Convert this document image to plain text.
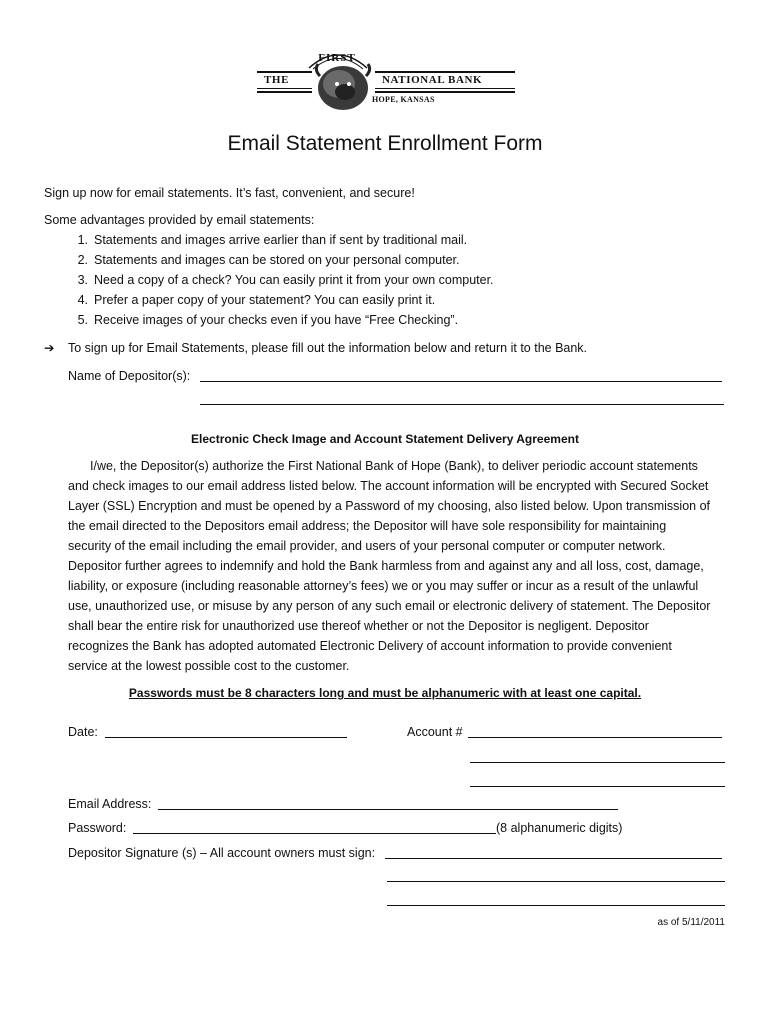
FIRST
THE	NATIONAL BANK
HOPE, KANSAS
Email Statement Enrollment Form
Sign up now for email statements. It’s fast, convenient, and secure!
Some advantages provided by email statements:
1. Statements and images arrive earlier than if sent by traditional mail.
2. Statements and images can be stored on your personal computer.
3. Need a copy of a check? You can easily print it from your own computer.
4. Prefer a paper copy of your statement? You can easily print it.
5. Receive images of your checks even if you have “Free Checking”.
➔ To sign up for Email Statements, please fill out the information below and return it to the Bank.
Name of Depositor(s):
Electronic Check Image and Account Statement Delivery Agreement

I/we, the Depositor(s) authorize the First National Bank of Hope (Bank), to deliver periodic account statements

and check images to our email address listed below. The account information will be encrypted with Secured Socket

Layer (SSL) Encryption and must be opened by a Password of my choosing, also listed below. Upon transmission of

the email directed to the Depositors email address; the Depositor will have sole responsibility for maintaining

security of the email including the email provider, and users of your personal computer or computer network.

Depositor further agrees to indemnify and hold the Bank harmless from and against any and all loss, cost, damage,

liability, or exposure (including reasonable attorney’s fees) we or you may suffer or incur as a result of the unlawful

use, unauthorized use, or misuse by any person of any such email or electronic delivery of statement. The Depositor

shall bear the entire risk for unauthorized use thereof whether or not the Depositor is negligent. Depositor

recognizes the Bank has adopted automated Electronic Delivery of account information to provide convenient

service at the lowest possible cost to the customer.

Passwords must be 8 characters long and must be alphanumeric with at least one capital.
Date:	Account #
Email Address:
Password:	(8 alphanumeric digits)
Depositor Signature (s) – All account owners must sign:
as of 5/11/2011
